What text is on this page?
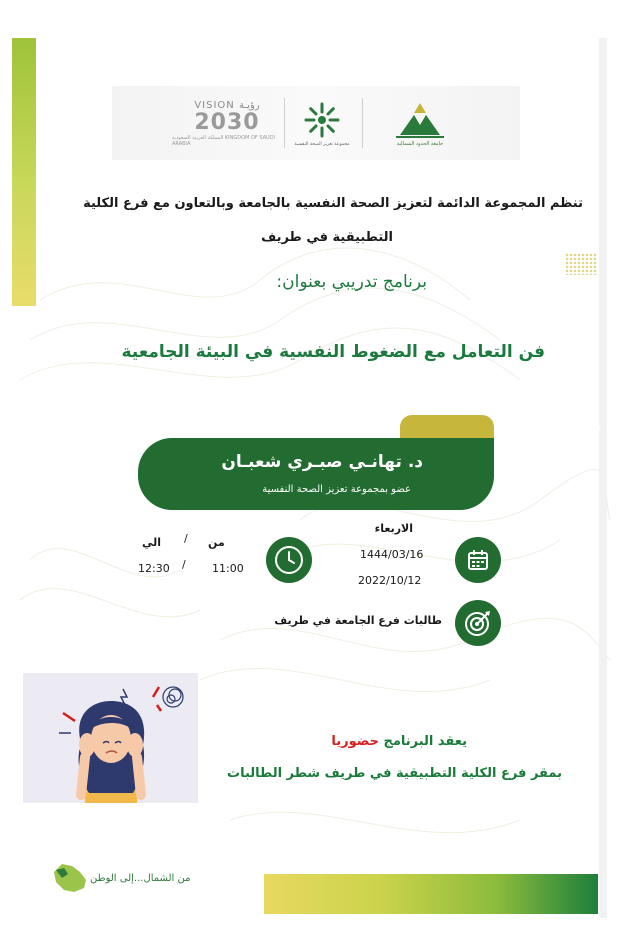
VISION رؤيـة
2030
المملكة العربية السعودية KINGDOM OF SAUDI ARABIA	مجموعة تعزيز الصحة النفسية	جامعة الحدود الشمالية
تنظم المجموعة الدائمة لتعزيز الصحة النفسية بالجامعة وبالتعاون مع فرع الكلية
التطبيقية في طريف
برنامج تدريبي بعنوان:
فن التعامل مع الضغوط النفسية في البيئة الجامعية
تقدمها
د. تهانـي صبـري شعبـان
عضو بمجموعة تعزيز الصحة النفسية
الاربعاء
1444/03/16
2022/10/12
من
/
الي
11:00
/
12:30
طالبات فرع الجامعة في طريف
يعقد البرنامج حضوريا
بمقر فرع الكلية التطبيقية في طريف شطر الطالبات
من الشمال...إلى الوطن
